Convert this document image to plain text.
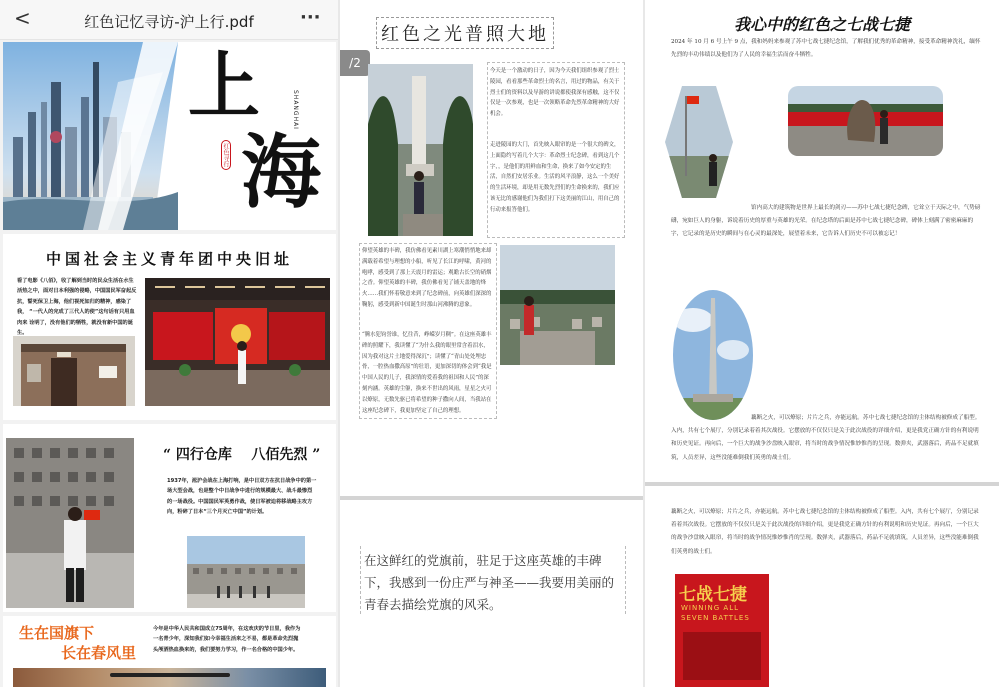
<	红色记忆寻访-沪上行.pdf	···
上
海
SHANGHAI
红色寻行
中国社会主义青年团中央旧址
看了电影《八佰》，收了解到当时的民众生活在水生 活热之中，面对日本利强的侵略，中国国民军奋起反 抗，誓死保卫上海，他们视死如归的精神，感染了我， “一代人的完成了三代人的使”这句话有只用血肉来 诠明了，没有他们的牺牲，就没有新中国的诞生。
“ 四行仓库    八佰先烈 ”
1937年，淞沪会战在上海打响，是中日双方在抗日战争中的第一场大型会战，也是整个中日战争中进行的规模最大、战斗最惨烈的一场战役。中国国民军英勇作战，使日军被迫将移战略主攻方向，粉碎了日本“三个月灭亡中国”的计划。
生在国旗下
长在春风里
今年是中华人民共和国成立75周年，在这欢庆的节日里，我作为一名青少年，深知我们如今幸福生活来之不易，都是革命先烈抛头颅洒热血换来的，我们要努力学习，作一名合格的中国少年。
/2
红色之光普照大地
今天是一个激动的日子，因为今天我们组织参观了烈士陵园，看看那些革命烈士的名言，用过的物品，有关于烈士们的资料以及导游的讲说都使我深有感触，这不仅仅是一次参观，也是一次领略革命先烈革命精神的大好机会。
走进陵园的大门，首先映入眼帘的是一个很大的碑文，上面隐约写着几个大字：革命烈士纪念碑，看到这几个字，，是他们的用鲜血和生命，换来了如今安定的生活，自然们安居乐业。生活的风平浪静，这么一个美好的生活环境，却是用无数先烈们的生命换来的，我们应该无比的感谢他们为我们打下这美丽的江山，用自己的行动来报答他们。
仰望英雄的丰碑，我仿佛看见素川湖上寒潮悄悄地来却满载着希望与理想的小船，听见了长江的呼啸，黄河的咆哮，感受到了那上天震月的雷运；观瞻古长空的硝烟之香。仰望英雄的丰碑，我仿佛看见了铺天盖地的烽火……我们怀着敬意来到了纪念碑前，向英雄们深深的鞠躬，感受到新中国诞生时那山河沸腾的意象。
“腾水犯钧誉谁，忆往昔，峥嵘岁月稠”。在这座英雄丰碑的照耀下，我读懂了“为什么我的眼里常含着泪水，因为我对这片土地爱得深沉”；读懂了“青山处处埋忠骨，一腔热血撒高原”的壮语，更加深切的体会到“我是中国人民的儿子，我深情的爱着我的祖国和人民”的深刻内涵。英雄的尘躯，换来不世出的风雨，星星之火可以燎原，无数先驱已将希望的种子撒向人间，当我站在这座纪念碑下，我更加坚定了自己的理想。
在这鲜红的党旗前，驻足于这座英雄的丰碑下，我感到一份庄严与神圣——我要用美丽的青春去描绘党旗的风采。
我心中的红色之七战七捷
2024 年 10 月 6 号上午 9 点，我和妈妈来参观了苏中七战七捷纪念馆，了解我们优秀的革命精神，接受革命精神洗礼，缅怀先烈的丰功伟绩以及他们为了人民的幸福生活而奋斗牺牲。
馆内高大的建筑物是世界上最长的剑刃——苏中七战七捷纪念碑，它耸立于天际之中，气势磅礴，宛如巨人的身躯，诉说着历史的厚重与英雄的光荣。在纪念塔的后面是苏中七战七捷纪念碑，碑体上刻满了密密麻麻的字，它记录的是历史的瞬间与在心灵的最深处，展望着未来，它告诉人们历史不可以被忘记！
藕断之火，可以燎原；片片之兵，亦能远航。苏中七战七捷纪念馆的主体结构被修成了船型。入内，共有七个展厅，分别记录着着其次战役。它摆放的不仅仅只是关于此次战役的详细介绍，更是我党正确方针的有利说明和历史见证。再向后，一个巨大的战争沙盘映入眼帘，将当时的战争情况惟妙惟肖的呈现。数弹夹，武器落后，药品不足就填筑，人员差异，这些没能难倒我们英勇的战士们。
藕断之火，可以燎原；片片之兵，亦能远航。苏中七战七捷纪念馆的主体结构被修成了船型。入内，共有七个展厅，分别记录着着其次战役。它摆放的不仅仅只是关于此次战役的详细介绍，更是我党正确方针的有利说明和历史见证。再向后，一个巨大的战争沙盘映入眼帘，将当时的战争情况惟妙惟肖的呈现。数弹夹，武器落后，药品不足就填筑，人员差异，这些没能难倒我们英勇的战士们。
七战七捷
WINNING ALL
SEVEN BATTLES
